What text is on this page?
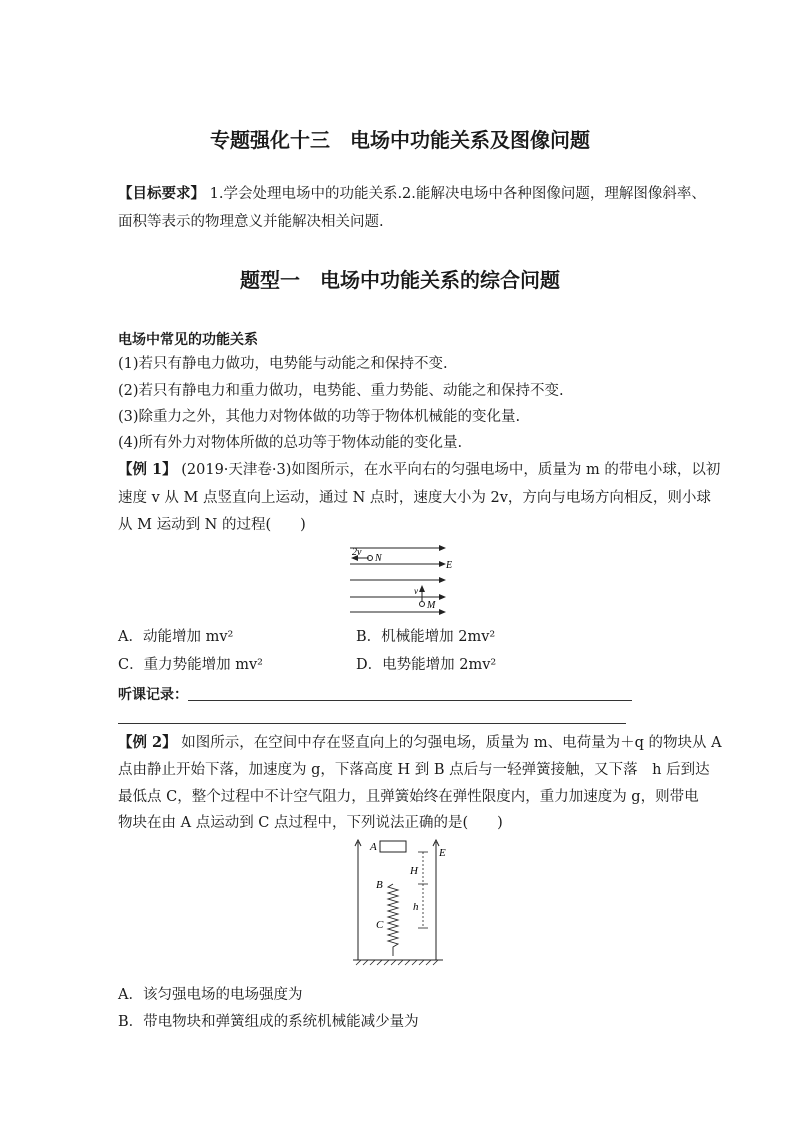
专题强化十三　电场中功能关系及图像问题
【目标要求】 1.学会处理电场中的功能关系.2.能解决电场中各种图像问题，理解图像斜率、
面积等表示的物理意义并能解决相关问题.
题型一　电场中功能关系的综合问题
电场中常见的功能关系
(1)若只有静电力做功，电势能与动能之和保持不变.
(2)若只有静电力和重力做功，电势能、重力势能、动能之和保持不变.
(3)除重力之外，其他力对物体做的功等于物体机械能的变化量.
(4)所有外力对物体所做的总功等于物体动能的变化量.
【例 1】 (2019·天津卷·3)如图所示，在水平向右的匀强电场中，质量为 m 的带电小球，以初
速度 v 从 M 点竖直向上运动，通过 N 点时，速度大小为 2v，方向与电场方向相反，则小球
从 M 运动到 N 的过程(　　)
2v
N
E
v
M
A．动能增加 mv²	B．机械能增加 2mv²
C．重力势能增加 mv²	D．电势能增加 2mv²
听课记录：
【例 2】 如图所示，在空间中存在竖直向上的匀强电场，质量为 m、电荷量为＋q 的物块从 A
点由静止开始下落，加速度为 g，下落高度 H 到 B 点后与一轻弹簧接触，又下落　h 后到达
最低点 C，整个过程中不计空气阻力，且弹簧始终在弹性限度内，重力加速度为 g，则带电
物块在由 A 点运动到 C 点过程中，下列说法正确的是(　　)
A	E
H
B
h
C
A．该匀强电场的电场强度为
B．带电物块和弹簧组成的系统机械能减少量为
